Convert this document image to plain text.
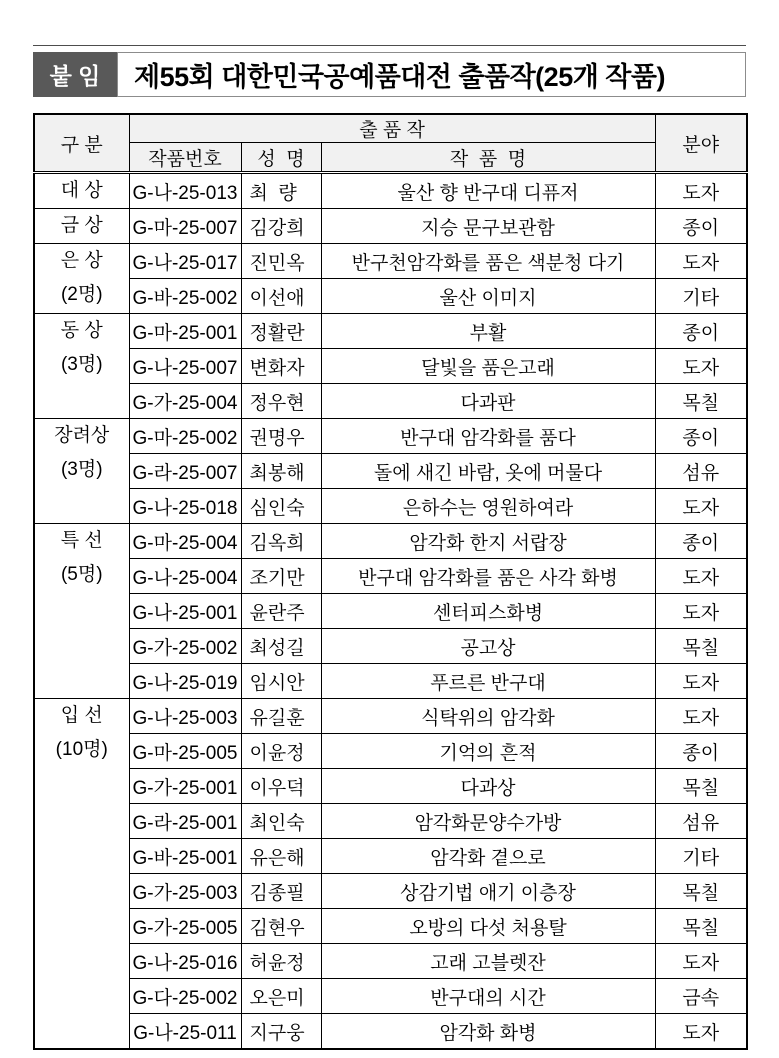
붙 임	제55회 대한민국공예품대전 출품작(25개 작품)
구 분	출 품 작			분야
	작품번호	성  명	작  품  명	

대 상	G-나-25-013	최  량	울산 향 반구대 디퓨저	도자

금 상	G-마-25-007	김강희	지승 문구보관함	종이

은 상
(2명)	G-나-25-017	진민옥	반구천암각화를 품은 색분청 다기	도자
	G-바-25-002	이선애	울산 이미지	기타

동 상
(3명)	G-마-25-001	정활란	부활	종이
	G-나-25-007	변화자	달빛을 품은고래	도자
	G-가-25-004	정우현	다과판	목칠

장려상
(3명)	G-마-25-002	권명우	반구대 암각화를 품다	종이
	G-라-25-007	최봉해	돌에 새긴 바람, 옷에 머물다	섬유
	G-나-25-018	심인숙	은하수는 영원하여라	도자

특 선
(5명)	G-마-25-004	김옥희	암각화 한지 서랍장	종이
	G-나-25-004	조기만	반구대 암각화를 품은 사각 화병	도자
	G-나-25-001	윤란주	센터피스화병	도자
	G-가-25-002	최성길	공고상	목칠
	G-나-25-019	임시안	푸르른 반구대	도자

입 선
(10명)	G-나-25-003	유길훈	식탁위의 암각화	도자
	G-마-25-005	이윤정	기억의 흔적	종이
	G-가-25-001	이우덕	다과상	목칠
	G-라-25-001	최인숙	암각화문양수가방	섬유
	G-바-25-001	유은해	암각화 곁으로	기타
	G-가-25-003	김종필	상감기법 애기 이층장	목칠
	G-가-25-005	김현우	오방의 다섯 처용탈	목칠
	G-나-25-016	허윤정	고래 고블렛잔	도자
	G-다-25-002	오은미	반구대의 시간	금속
	G-나-25-011	지구웅	암각화 화병	도자
